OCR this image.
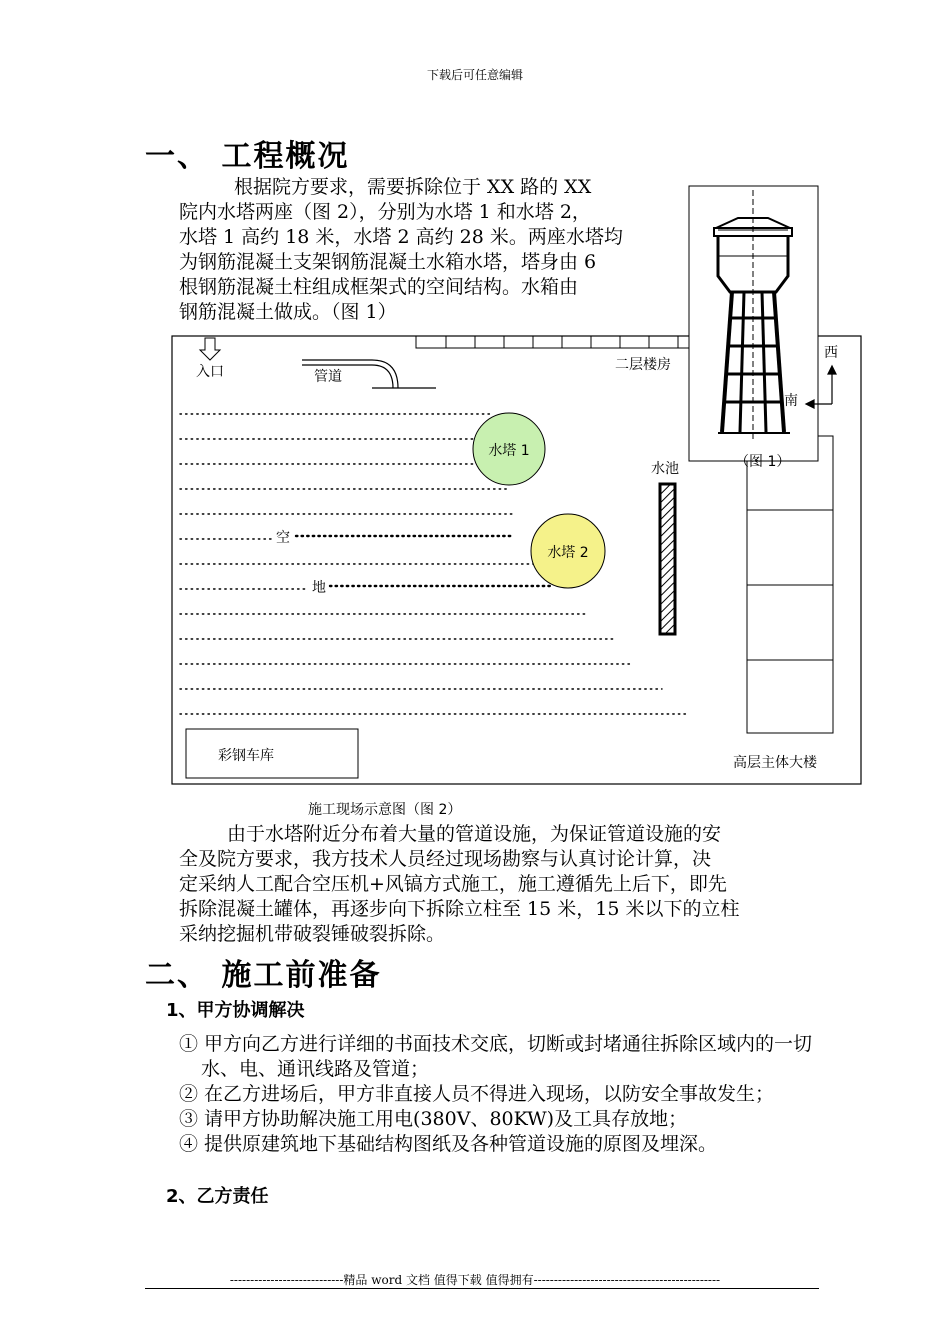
下载后可任意编辑
一、 工程概况

根据院方要求，需要拆除位于 XX 路的 XX

院内水塔两座（图 2），分别为水塔 1 和水塔 2，

水塔 1 高约 18 米，水塔 2 高约 28 米。两座水塔均

为钢筋混凝土支架钢筋混凝土水箱水塔，塔身由 6

根钢筋混凝土柱组成框架式的空间结构。水箱由

钢筋混凝土做成。（图 1）

入口	管道
二层楼房
西
南
（图 1）
水塔 1
水塔 2
水池
空
地
彩钢车库	高层主体大楼
施工现场示意图（图 2）

由于水塔附近分布着大量的管道设施，为保证管道设施的安

全及院方要求，我方技术人员经过现场勘察与认真讨论计算，决

定采纳人工配合空压机+风镐方式施工，施工遵循先上后下，即先

拆除混凝土罐体，再逐步向下拆除立柱至 15 米，15 米以下的立柱

采纳挖掘机带破裂锤破裂拆除。

二、 施工前准备
1、甲方协调解决
① 甲方向乙方进行详细的书面技术交底，切断或封堵通往拆除区域内的一切水、电、通讯线路及管道；
② 在乙方进场后，甲方非直接人员不得进入现场，以防安全事故发生；
③ 请甲方协助解决施工用电(380V、80KW)及工具存放地；
④ 提供原建筑地下基础结构图纸及各种管道设施的原图及埋深。
2、乙方责任
----------------------------精品 word 文档 值得下载 值得拥有----------------------------------------------
